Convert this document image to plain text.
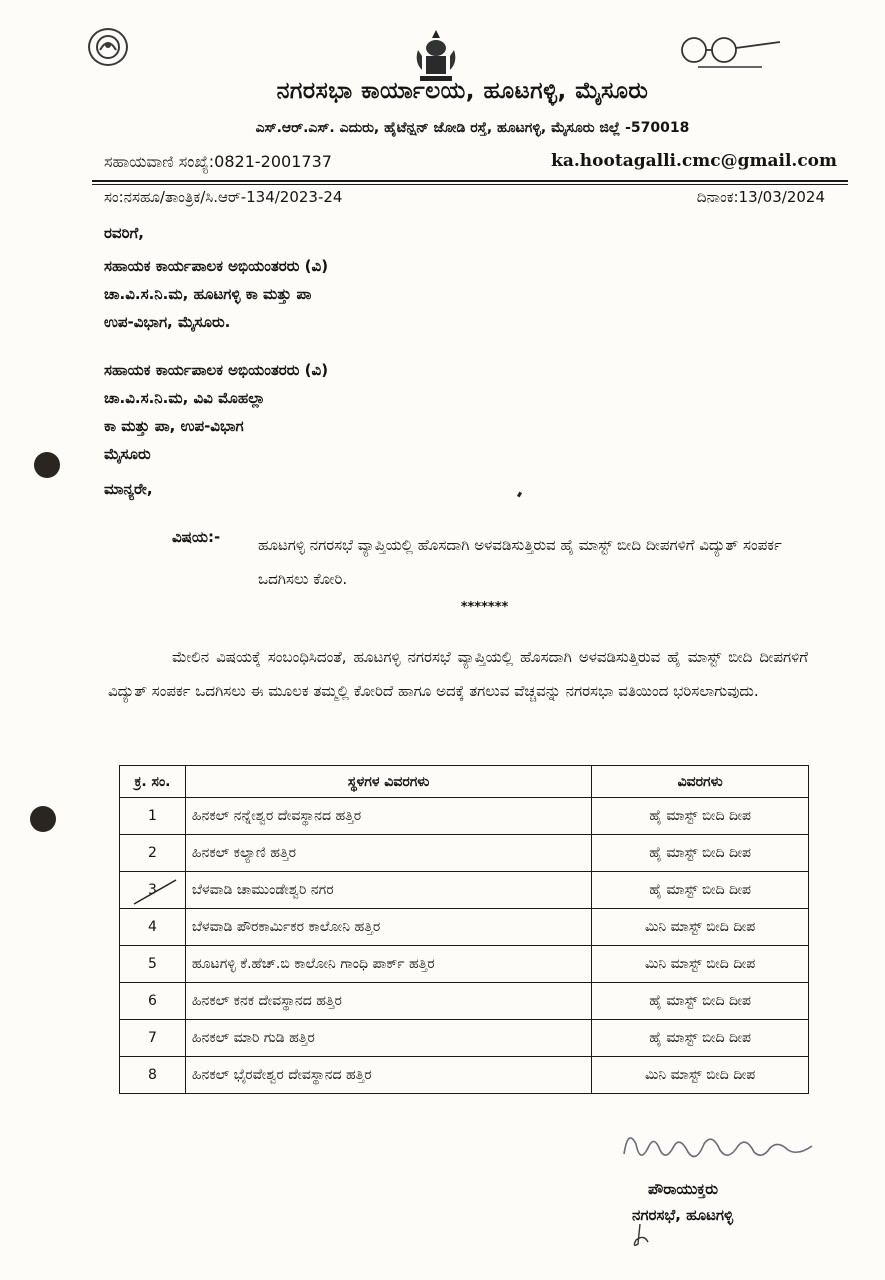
ನಗರಸಭಾ ಕಾರ್ಯಾಲಯ, ಹೂಟಗಳ್ಳಿ, ಮೈಸೂರು
ಎಸ್.ಆರ್.ಎಸ್. ಎದುರು, ಹೈಟೆನ್ಷನ್ ಜೋಡಿ ರಸ್ತೆ, ಹೂಟಗಳ್ಳಿ, ಮೈಸೂರು ಜಿಲ್ಲೆ -570018
ಸಹಾಯವಾಣಿ ಸಂಖ್ಯೆ:0821-2001737	ka.hootagalli.cmc@gmail.com
ಸಂ:ನಸಹೂ/ತಾಂತ್ರಿಕ/ಸಿ.ಆರ್-134/2023-24	ದಿನಾಂಕ:13/03/2024
ರವರಿಗೆ,

ಸಹಾಯಕ ಕಾರ್ಯಪಾಲಕ ಅಭಿಯಂತರರು (ವಿ)

ಚಾ.ವಿ.ಸ.ನಿ.ಮ, ಹೂಟಗಳ್ಳಿ ಕಾ ಮತ್ತು ಪಾ

ಉಪ-ವಿಭಾಗ, ಮೈಸೂರು.

ಸಹಾಯಕ ಕಾರ್ಯಪಾಲಕ ಅಭಿಯಂತರರು (ವಿ)

ಚಾ.ವಿ.ಸ.ನಿ.ಮ, ವಿವಿ ಮೊಹಲ್ಲಾ

ಕಾ ಮತ್ತು ಪಾ, ಉಪ-ವಿಭಾಗ

ಮೈಸೂರು

ಮಾನ್ಯರೇ,
ವಿಷಯ:-	ಹೂಟಗಳ್ಳಿ ನಗರಸಭೆ ವ್ಯಾಪ್ತಿಯಲ್ಲಿ ಹೊಸದಾಗಿ ಅಳವಡಿಸುತ್ತಿರುವ ಹೈ ಮಾಸ್ಟ್ ಬೀದಿ ದೀಪಗಳಿಗೆ ವಿದ್ಯುತ್ ಸಂಪರ್ಕ ಒದಗಿಸಲು ಕೋರಿ.
*******
ಮೇಲಿನ ವಿಷಯಕ್ಕೆ ಸಂಬಂಧಿಸಿದಂತೆ, ಹೂಟಗಳ್ಳಿ ನಗರಸಭೆ ವ್ಯಾಪ್ತಿಯಲ್ಲಿ ಹೊಸದಾಗಿ ಅಳವಡಿಸುತ್ತಿರುವ ಹೈ ಮಾಸ್ಟ್ ಬೀದಿ ದೀಪಗಳಿಗೆ ವಿದ್ಯುತ್ ಸಂಪರ್ಕ ಒದಗಿಸಲು ಈ ಮೂಲಕ ತಮ್ಮಲ್ಲಿ ಕೋರಿದೆ ಹಾಗೂ ಅದಕ್ಕೆ ತಗಲುವ ವೆಚ್ಚವನ್ನು ನಗರಸಭಾ ವತಿಯಿಂದ ಭರಿಸಲಾಗುವುದು.
ಕ್ರ. ಸಂ.	ಸ್ಥಳಗಳ ವಿವರಗಳು	ವಿವರಗಳು
1	ಹಿನಕಲ್ ನನ್ನೇಶ್ವರ ದೇವಸ್ಥಾನದ ಹತ್ತಿರ	ಹೈ ಮಾಸ್ಟ್ ಬೀದಿ ದೀಪ
2	ಹಿನಕಲ್ ಕಲ್ಯಾಣಿ ಹತ್ತಿರ	ಹೈ ಮಾಸ್ಟ್ ಬೀದಿ ದೀಪ
3	ಬೆಳವಾಡಿ ಚಾಮುಂಡೇಶ್ವರಿ ನಗರ	ಹೈ ಮಾಸ್ಟ್ ಬೀದಿ ದೀಪ
4	ಬೆಳವಾಡಿ ಪೌರಕಾರ್ಮಿಕರ ಕಾಲೋನಿ ಹತ್ತಿರ	ಮಿನಿ ಮಾಸ್ಟ್ ಬೀದಿ ದೀಪ
5	ಹೂಟಗಳ್ಳಿ ಕೆ.ಹೆಚ್.ಬಿ ಕಾಲೋನಿ ಗಾಂಧಿ ಪಾರ್ಕ್ ಹತ್ತಿರ	ಮಿನಿ ಮಾಸ್ಟ್ ಬೀದಿ ದೀಪ
6	ಹಿನಕಲ್ ಕನಕ ದೇವಸ್ಥಾನದ ಹತ್ತಿರ	ಹೈ ಮಾಸ್ಟ್ ಬೀದಿ ದೀಪ
7	ಹಿನಕಲ್ ಮಾರಿ ಗುಡಿ ಹತ್ತಿರ	ಹೈ ಮಾಸ್ಟ್ ಬೀದಿ ದೀಪ
8	ಹಿನಕಲ್ ಭೈರವೇಶ್ವರ ದೇವಸ್ಥಾನದ ಹತ್ತಿರ	ಮಿನಿ ಮಾಸ್ಟ್ ಬೀದಿ ದೀಪ
ಪೌರಾಯುಕ್ತರು
ನಗರಸಭೆ, ಹೂಟಗಳ್ಳಿ
